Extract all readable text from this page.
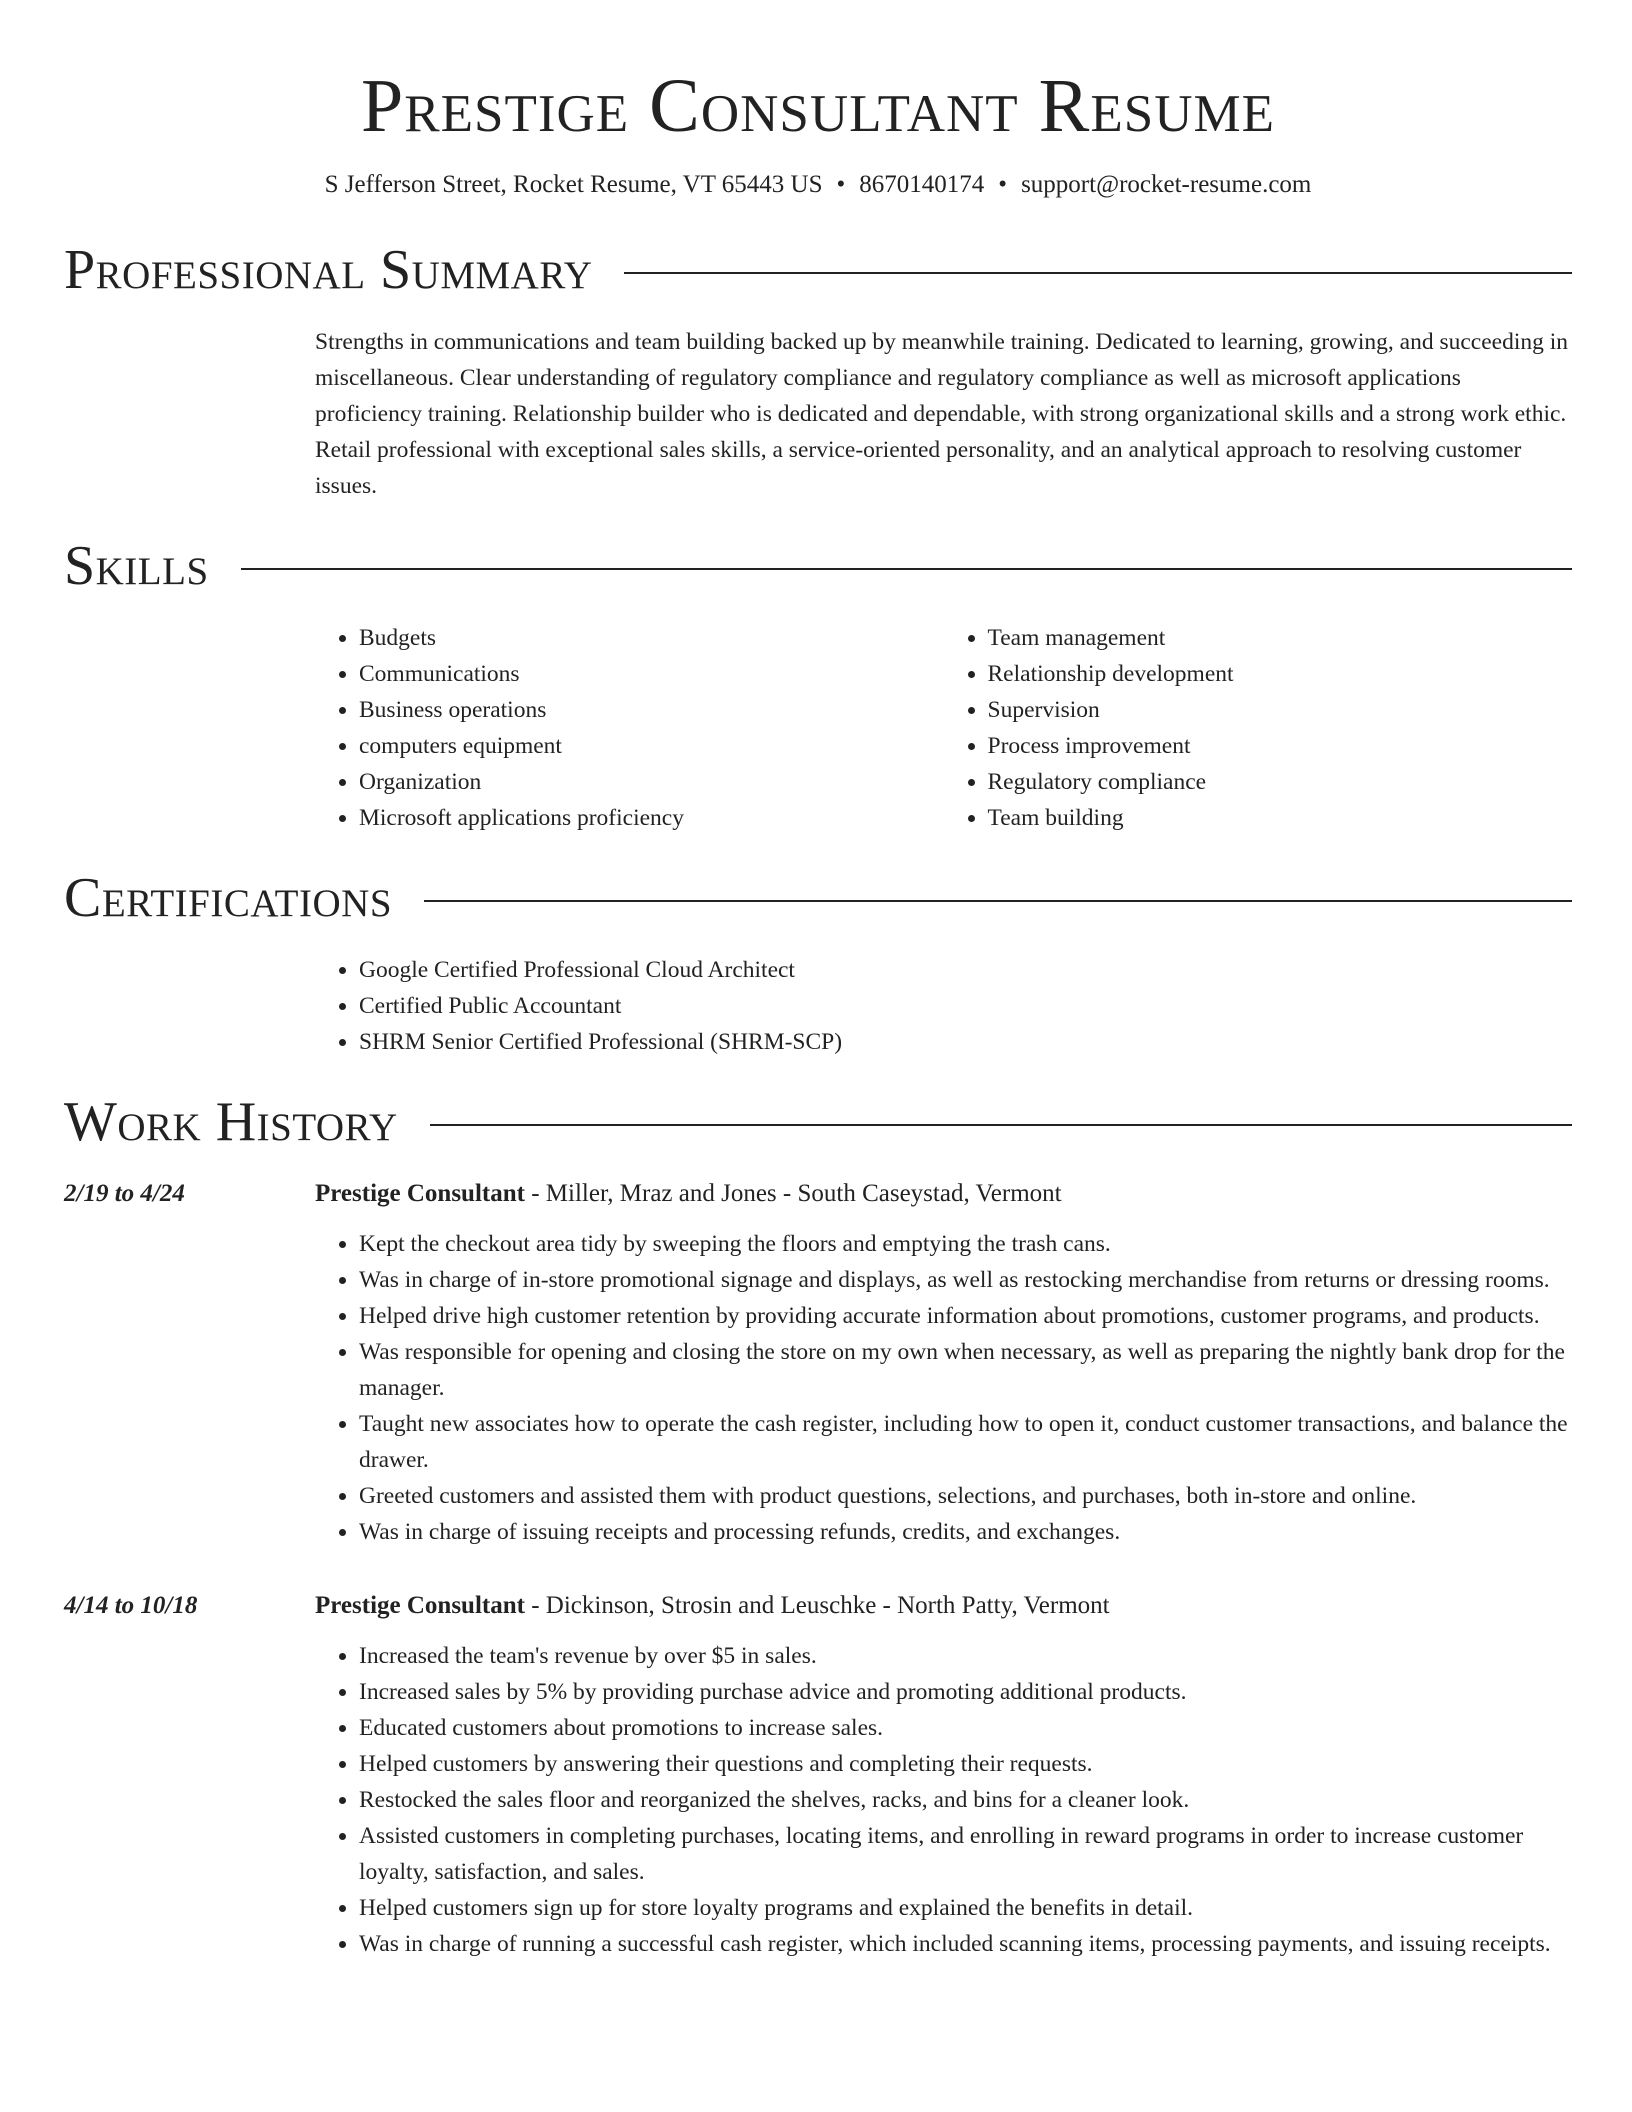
Prestige Consultant Resume
S Jefferson Street, Rocket Resume, VT 65443 US • 8670140174 • support@rocket-resume.com
Professional Summary

Strengths in communications and team building backed up by meanwhile training. Dedicated to learning, growing, and succeeding in miscellaneous. Clear understanding of regulatory compliance and regulatory compliance as well as microsoft applications proficiency training. Relationship builder who is dedicated and dependable, with strong organizational skills and a strong work ethic. Retail professional with exceptional sales skills, a service-oriented personality, and an analytical approach to resolving customer issues.

Skills
• Budgets
• Communications
• Business operations
• computers equipment
• Organization
• Microsoft applications proficiency
• Team management
• Relationship development
• Supervision
• Process improvement
• Regulatory compliance
• Team building
Certifications
• Google Certified Professional Cloud Architect
• Certified Public Accountant
• SHRM Senior Certified Professional (SHRM-SCP)
Work History
2/19 to 4/24	Prestige Consultant - Miller, Mraz and Jones - South Caseystad, Vermont
• Kept the checkout area tidy by sweeping the floors and emptying the trash cans.
• Was in charge of in-store promotional signage and displays, as well as restocking merchandise from returns or dressing rooms.
• Helped drive high customer retention by providing accurate information about promotions, customer programs, and products.
• Was responsible for opening and closing the store on my own when necessary, as well as preparing the nightly bank drop for the manager.
• Taught new associates how to operate the cash register, including how to open it, conduct customer transactions, and balance the drawer.
• Greeted customers and assisted them with product questions, selections, and purchases, both in-store and online.
• Was in charge of issuing receipts and processing refunds, credits, and exchanges.
4/14 to 10/18	Prestige Consultant - Dickinson, Strosin and Leuschke - North Patty, Vermont
• Increased the team's revenue by over $5 in sales.
• Increased sales by 5% by providing purchase advice and promoting additional products.
• Educated customers about promotions to increase sales.
• Helped customers by answering their questions and completing their requests.
• Restocked the sales floor and reorganized the shelves, racks, and bins for a cleaner look.
• Assisted customers in completing purchases, locating items, and enrolling in reward programs in order to increase customer loyalty, satisfaction, and sales.
• Helped customers sign up for store loyalty programs and explained the benefits in detail.
• Was in charge of running a successful cash register, which included scanning items, processing payments, and issuing receipts.
